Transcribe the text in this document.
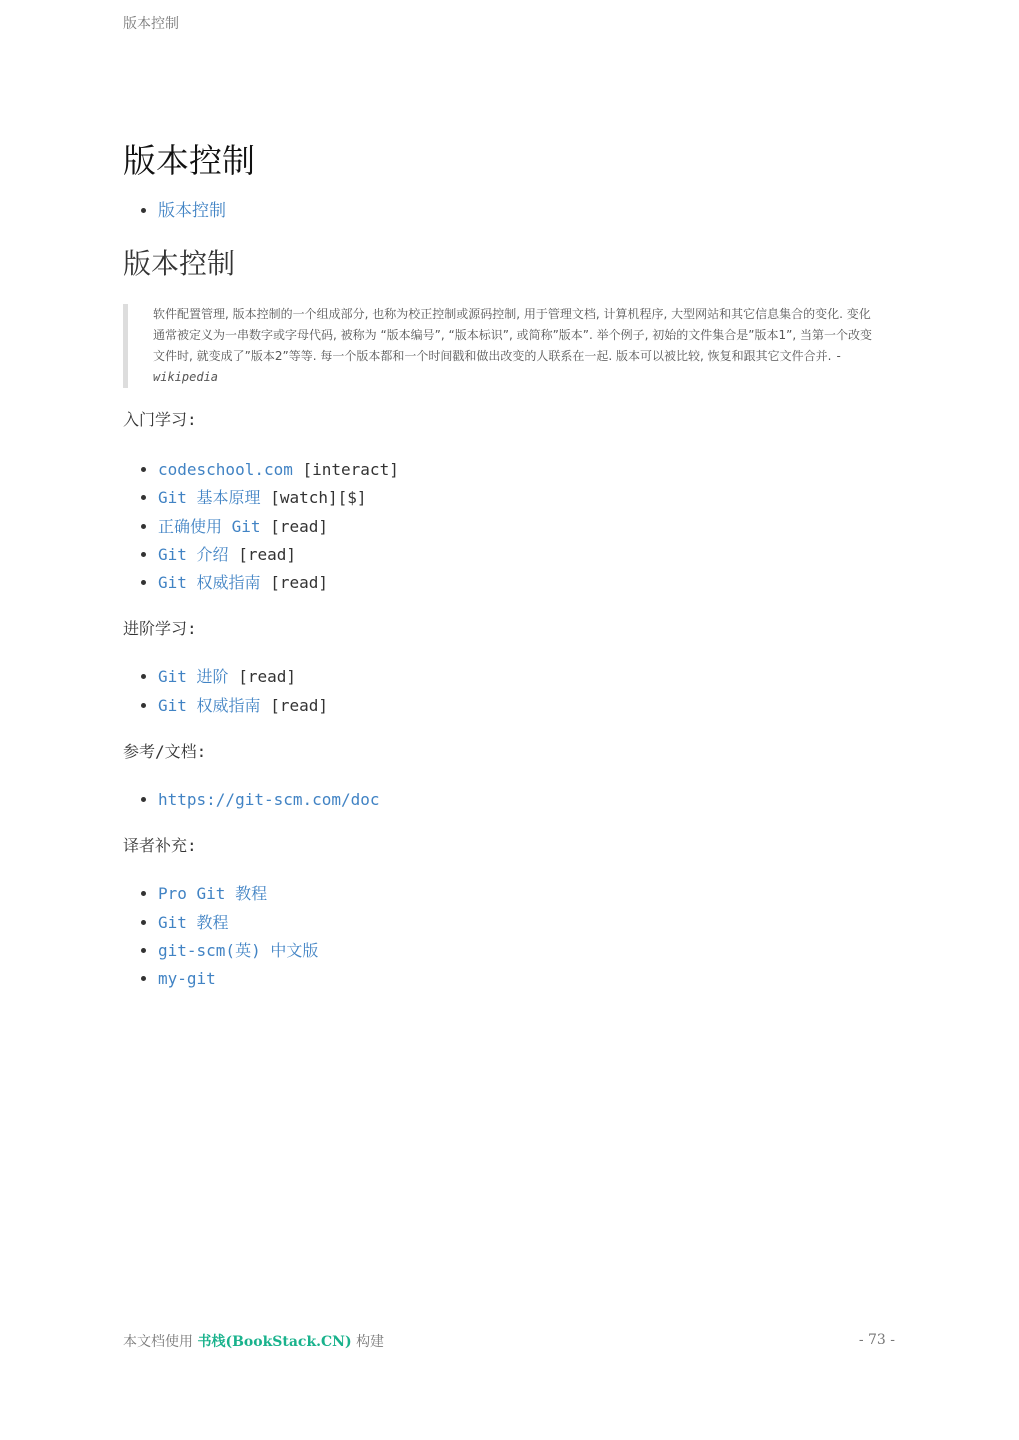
版本控制
版本控制
• 版本控制
版本控制
软件配置管理, 版本控制的一个组成部分, 也称为校正控制或源码控制, 用于管理文档, 计算机程序, 大型网站和其它信息集合的变化. 变化通常被定义为一串数字或字母代码, 被称为 “版本编号”, “版本标识”, 或简称”版本”. 举个例子, 初始的文件集合是”版本1”, 当第一个改变文件时, 就变成了”版本2”等等. 每一个版本都和一个时间戳和做出改变的人联系在一起. 版本可以被比较, 恢复和跟其它文件合并. - wikipedia

入门学习:

• codeschool.com [interact]
• Git 基本原理 [watch][$]
• 正确使用 Git [read]
• Git 介绍 [read]
• Git 权威指南 [read]

进阶学习:

• Git 进阶 [read]
• Git 权威指南 [read]

参考/文档:

• https://git-scm.com/doc

译者补充:

• Pro Git 教程
• Git 教程
• git-scm(英) 中文版
• my-git
本文档使用 书栈(BookStack.CN) 构建	- 73 -
